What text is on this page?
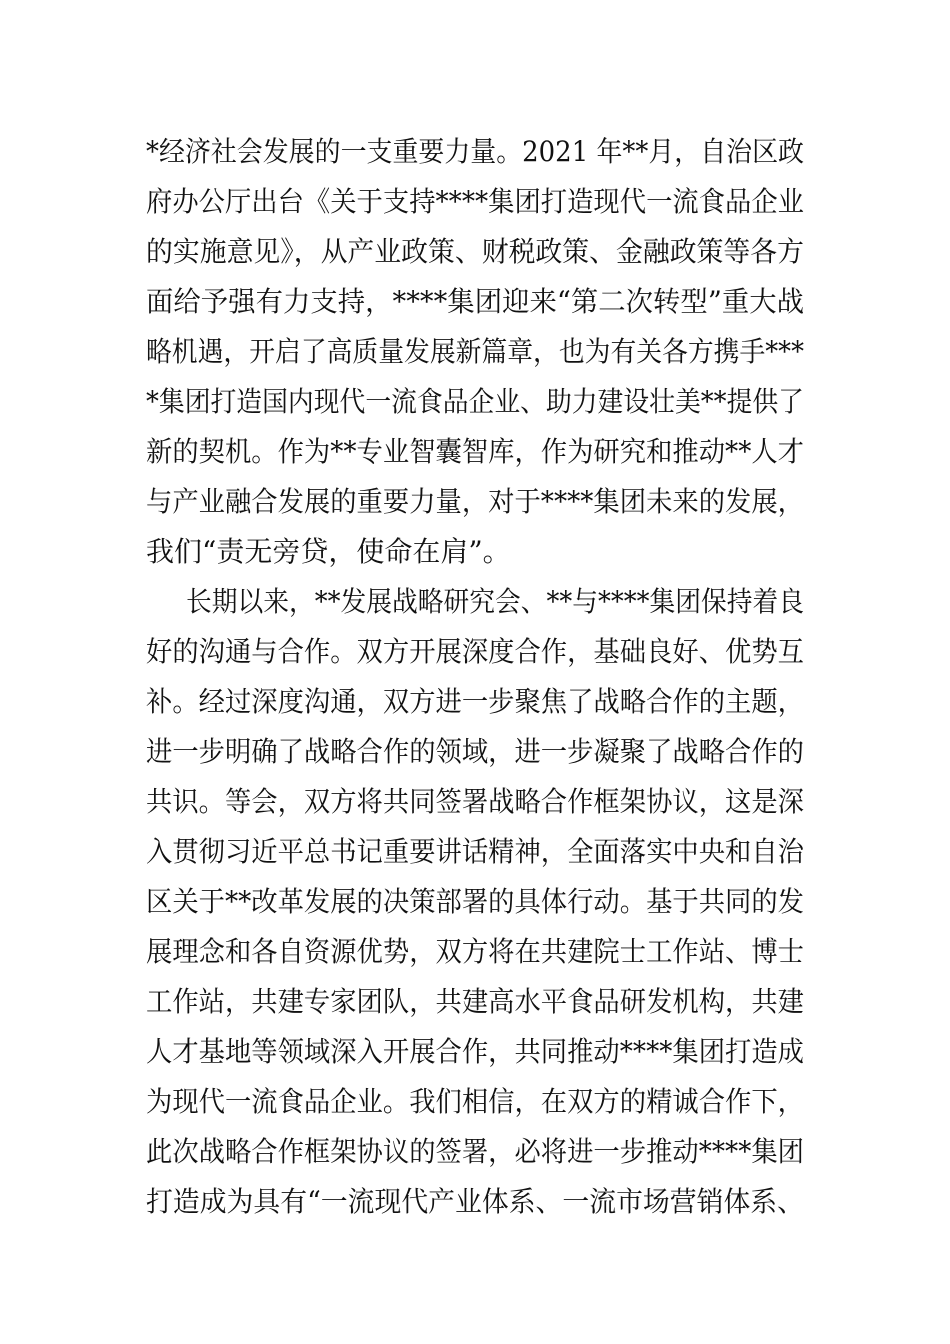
*经济社会发展的一支重要力量。2021 年**月，自治区政
府办公厅出台《关于支持****集团打造现代一流食品企业
的实施意见》，从产业政策、财税政策、金融政策等各方
面给予强有力支持，****集团迎来“第二次转型”重大战
略机遇，开启了高质量发展新篇章，也为有关各方携手***
*集团打造国内现代一流食品企业、助力建设壮美**提供了
新的契机。作为**专业智囊智库，作为研究和推动**人才
与产业融合发展的重要力量，对于****集团未来的发展，
我们“责无旁贷，使命在肩”。
长期以来，**发展战略研究会、**与****集团保持着良
好的沟通与合作。双方开展深度合作，基础良好、优势互
补。经过深度沟通，双方进一步聚焦了战略合作的主题，
进一步明确了战略合作的领域，进一步凝聚了战略合作的
共识。等会，双方将共同签署战略合作框架协议，这是深
入贯彻习近平总书记重要讲话精神，全面落实中央和自治
区关于**改革发展的决策部署的具体行动。基于共同的发
展理念和各自资源优势，双方将在共建院士工作站、博士
工作站，共建专家团队，共建高水平食品研发机构，共建
人才基地等领域深入开展合作，共同推动****集团打造成
为现代一流食品企业。我们相信，在双方的精诚合作下，
此次战略合作框架协议的签署，必将进一步推动****集团
打造成为具有“一流现代产业体系、一流市场营销体系、
